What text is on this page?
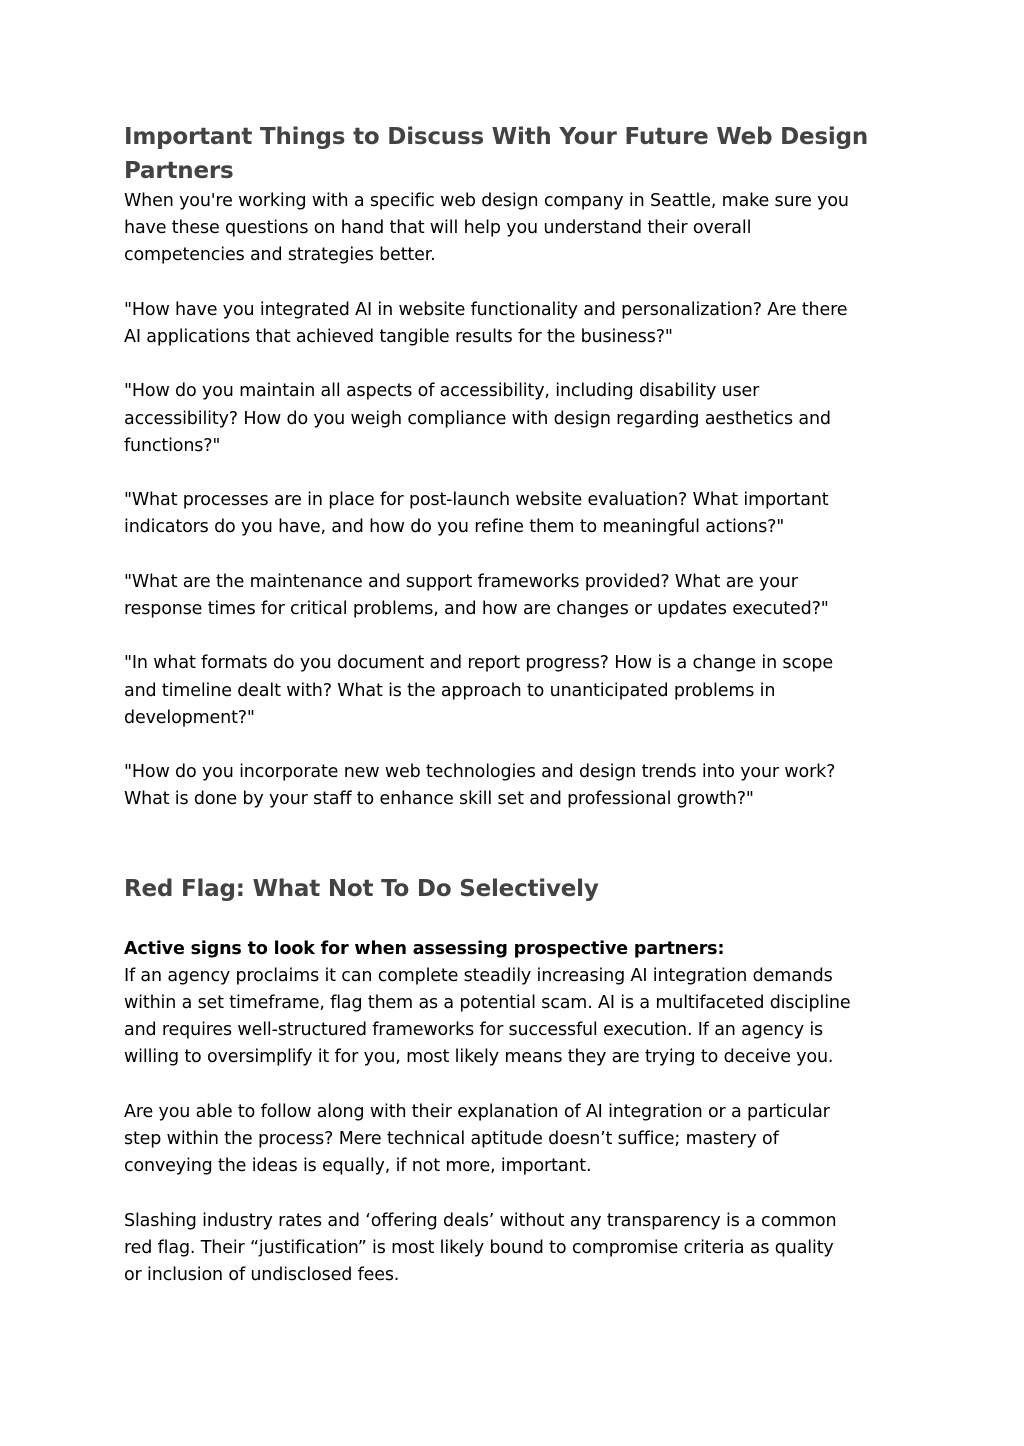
Important Things to Discuss With Your Future Web Design
Partners
When you're working with a specific web design company in Seattle, make sure you
have these questions on hand that will help you understand their overall
competencies and strategies better.
"How have you integrated AI in website functionality and personalization? Are there
AI applications that achieved tangible results for the business?"
"How do you maintain all aspects of accessibility, including disability user
accessibility? How do you weigh compliance with design regarding aesthetics and
functions?"
"What processes are in place for post-launch website evaluation? What important
indicators do you have, and how do you refine them to meaningful actions?"
"What are the maintenance and support frameworks provided? What are your
response times for critical problems, and how are changes or updates executed?"
"In what formats do you document and report progress? How is a change in scope
and timeline dealt with? What is the approach to unanticipated problems in
development?"
"How do you incorporate new web technologies and design trends into your work?
What is done by your staff to enhance skill set and professional growth?"
Red Flag: What Not To Do Selectively
Active signs to look for when assessing prospective partners:
If an agency proclaims it can complete steadily increasing AI integration demands
within a set timeframe, flag them as a potential scam. AI is a multifaceted discipline
and requires well-structured frameworks for successful execution. If an agency is
willing to oversimplify it for you, most likely means they are trying to deceive you.
Are you able to follow along with their explanation of AI integration or a particular
step within the process? Mere technical aptitude doesn’t suffice; mastery of
conveying the ideas is equally, if not more, important.
Slashing industry rates and ‘offering deals’ without any transparency is a common
red flag. Their “justification” is most likely bound to compromise criteria as quality
or inclusion of undisclosed fees.
